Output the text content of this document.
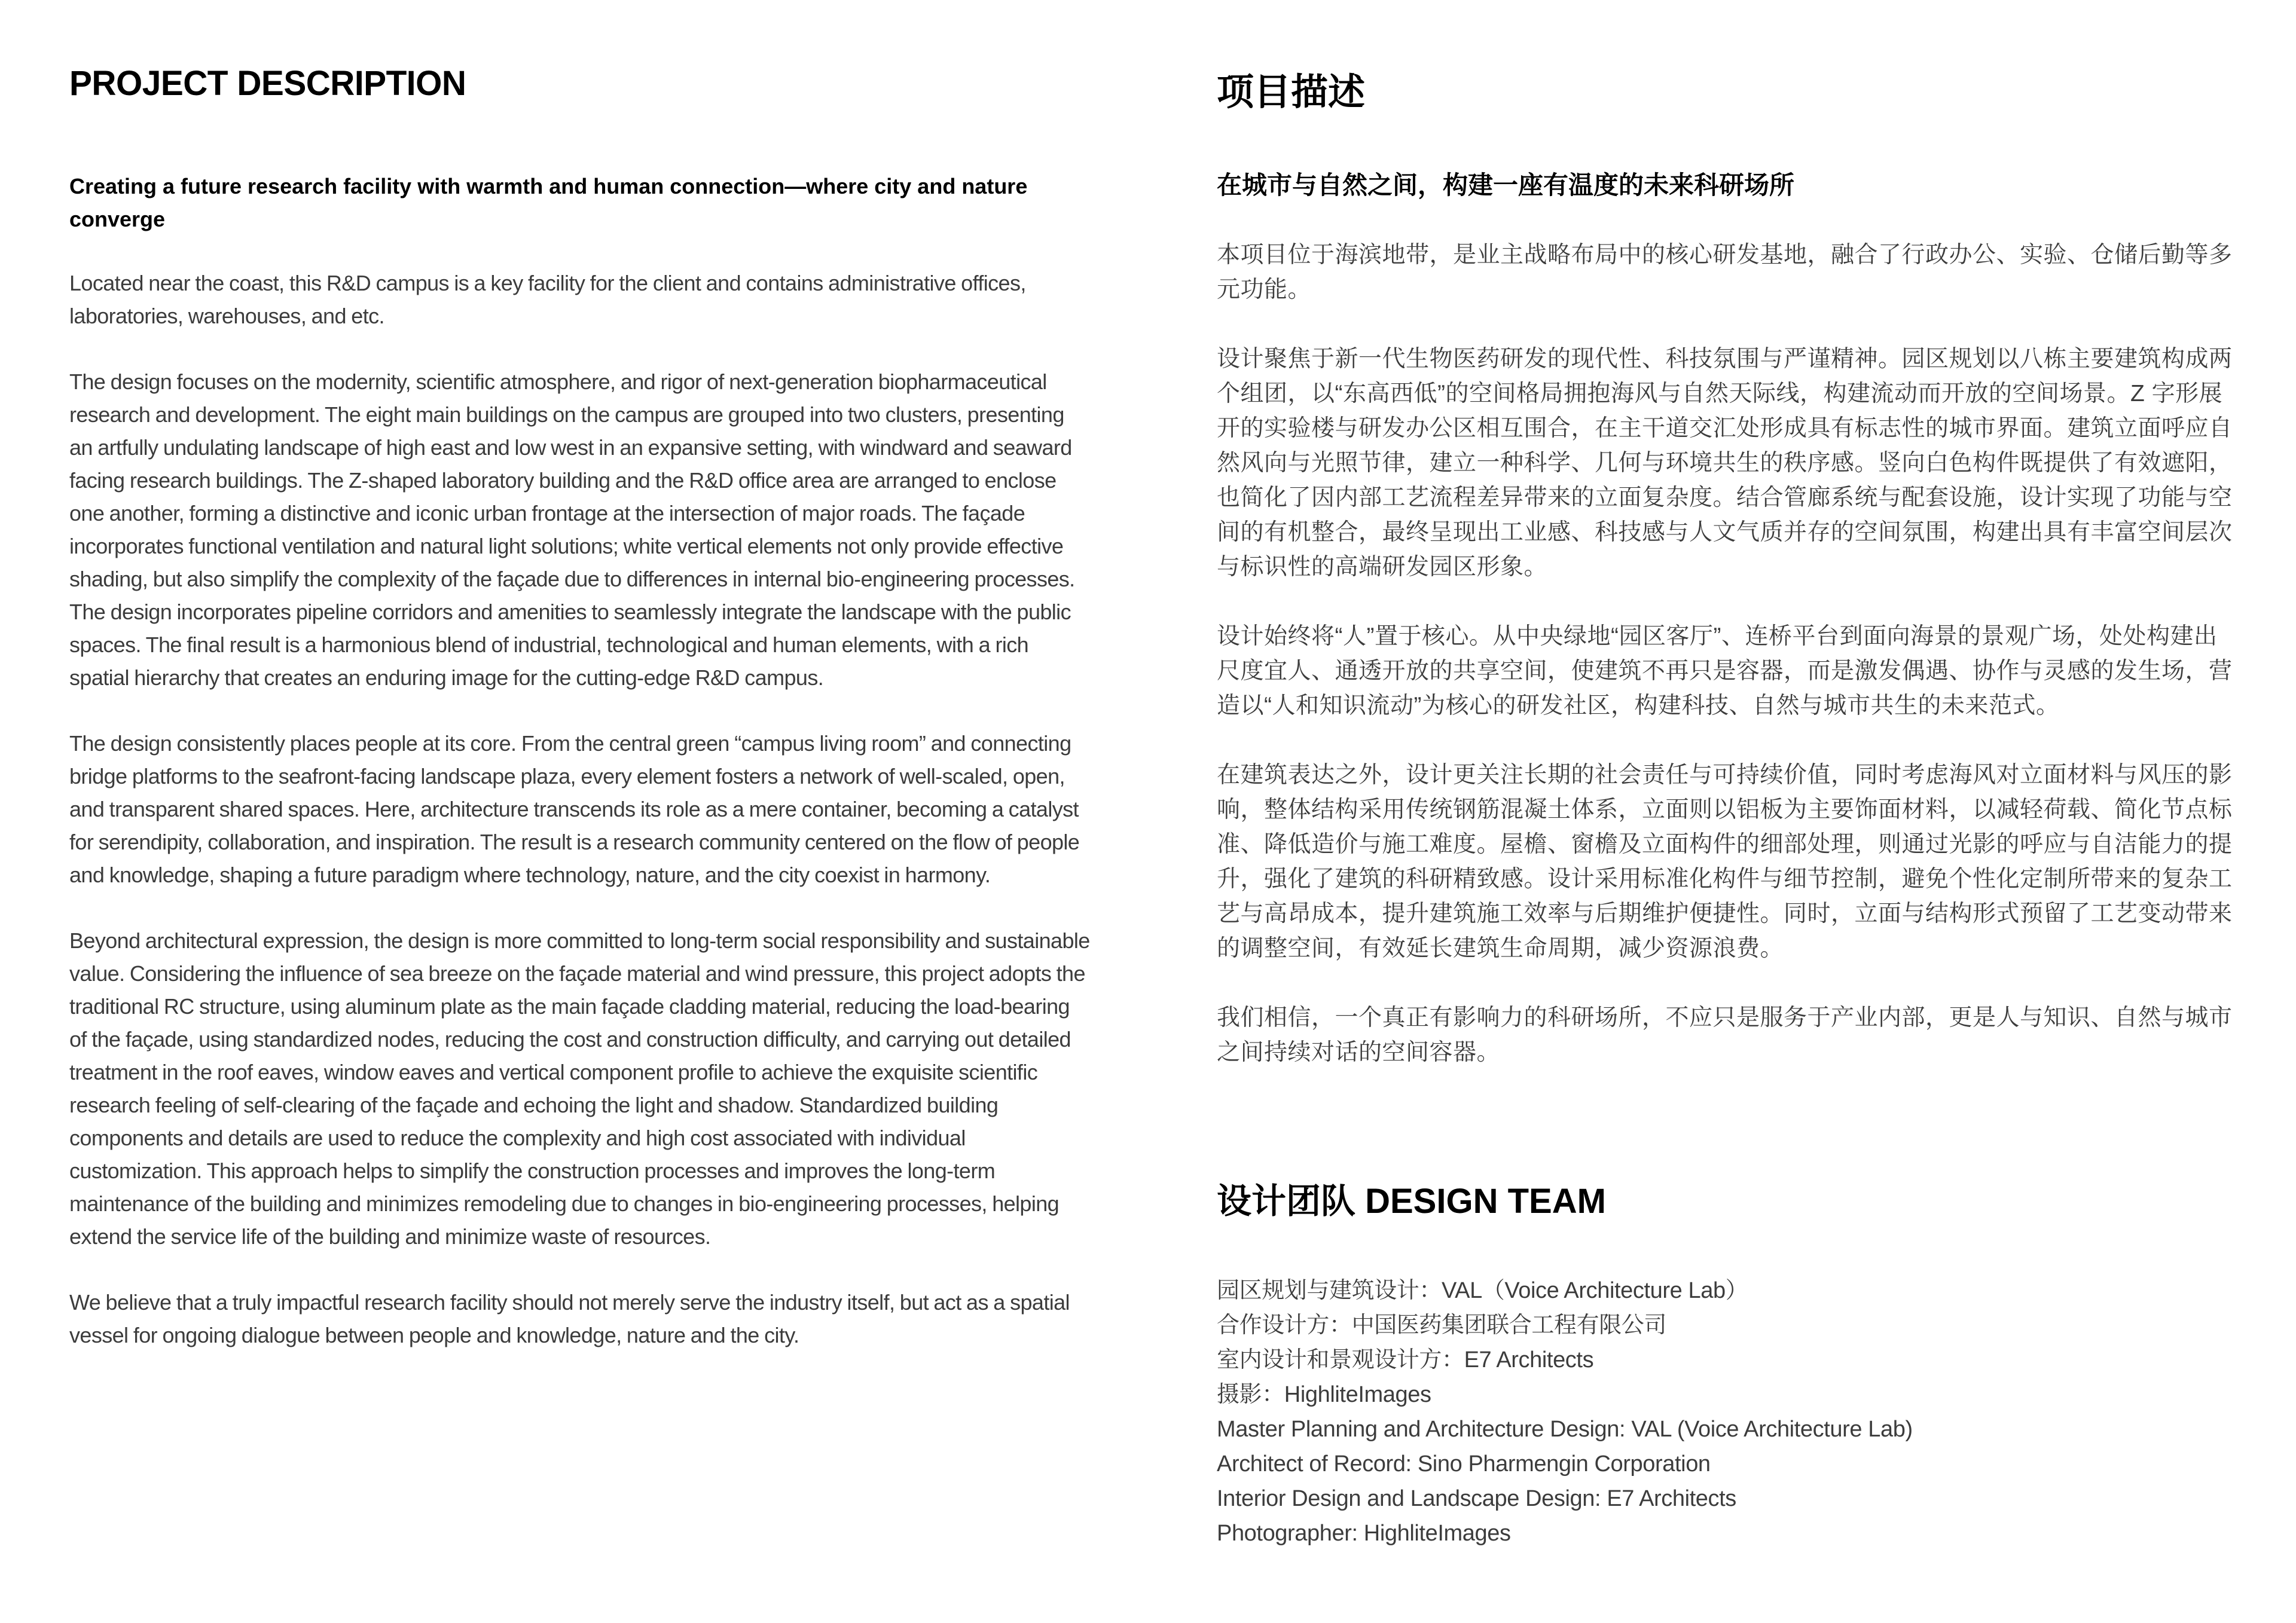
PROJECT DESCRIPTION
Creating a future research facility with warmth and human connection—where city and nature converge

Located near the coast, this R&D campus is a key facility for the client and contains administrative offices, laboratories, warehouses, and etc.

The design focuses on the modernity, scientific atmosphere, and rigor of next-generation biopharmaceutical research and development. The eight main buildings on the campus are grouped into two clusters, presenting an artfully undulating landscape of high east and low west in an expansive setting, with windward and seaward facing research buildings. The Z-shaped laboratory building and the R&D office area are arranged to enclose one another, forming a distinctive and iconic urban frontage at the intersection of major roads. The façade incorporates functional ventilation and natural light solutions; white vertical elements not only provide effective shading, but also simplify the complexity of the façade due to differences in internal bio-engineering processes. The design incorporates pipeline corridors and amenities to seamlessly integrate the landscape with the public spaces. The final result is a harmonious blend of industrial, technological and human elements, with a rich spatial hierarchy that creates an enduring image for the cutting-edge R&D campus.

The design consistently places people at its core. From the central green “campus living room” and connecting bridge platforms to the seafront-facing landscape plaza, every element fosters a network of well-scaled, open, and transparent shared spaces. Here, architecture transcends its role as a mere container, becoming a catalyst for serendipity, collaboration, and inspiration. The result is a research community centered on the flow of people and knowledge, shaping a future paradigm where technology, nature, and the city coexist in harmony.

Beyond architectural expression, the design is more committed to long-term social responsibility and sustainable value. Considering the influence of sea breeze on the façade material and wind pressure, this project adopts the traditional RC structure, using aluminum plate as the main façade cladding material, reducing the load-bearing of the façade, using standardized nodes, reducing the cost and construction difficulty, and carrying out detailed treatment in the roof eaves, window eaves and vertical component profile to achieve the exquisite scientific research feeling of self-clearing of the façade and echoing the light and shadow. Standardized building components and details are used to reduce the complexity and high cost associated with individual customization. This approach helps to simplify the construction processes and improves the long-term maintenance of the building and minimizes remodeling due to changes in bio-engineering processes, helping extend the service life of the building and minimize waste of resources.

We believe that a truly impactful research facility should not merely serve the industry itself, but act as a spatial vessel for ongoing dialogue between people and knowledge, nature and the city.

项目描述
在城市与自然之间，构建一座有温度的未来科研场所

本项目位于海滨地带，是业主战略布局中的核心研发基地，融合了行政办公、实验、仓储后勤等多元功能。

设计聚焦于新一代生物医药研发的现代性、科技氛围与严谨精神。园区规划以八栋主要建筑构成两个组团，以“东高西低”的空间格局拥抱海风与自然天际线，构建流动而开放的空间场景。Z 字形展开的实验楼与研发办公区相互围合，在主干道交汇处形成具有标志性的城市界面。建筑立面呼应自然风向与光照节律，建立一种科学、几何与环境共生的秩序感。竖向白色构件既提供了有效遮阳，也简化了因内部工艺流程差异带来的立面复杂度。结合管廊系统与配套设施，设计实现了功能与空间的有机整合，最终呈现出工业感、科技感与人文气质并存的空间氛围，构建出具有丰富空间层次与标识性的高端研发园区形象。

设计始终将“人”置于核心。从中央绿地“园区客厅”、连桥平台到面向海景的景观广场，处处构建出尺度宜人、通透开放的共享空间，使建筑不再只是容器，而是激发偶遇、协作与灵感的发生场，营造以“人和知识流动”为核心的研发社区，构建科技、自然与城市共生的未来范式。

在建筑表达之外，设计更关注长期的社会责任与可持续价值，同时考虑海风对立面材料与风压的影响，整体结构采用传统钢筋混凝土体系，立面则以铝板为主要饰面材料，以减轻荷载、简化节点标准、降低造价与施工难度。屋檐、窗檐及立面构件的细部处理，则通过光影的呼应与自洁能力的提升，强化了建筑的科研精致感。设计采用标准化构件与细节控制，避免个性化定制所带来的复杂工艺与高昂成本，提升建筑施工效率与后期维护便捷性。同时，立面与结构形式预留了工艺变动带来的调整空间，有效延长建筑生命周期，减少资源浪费。

我们相信，一个真正有影响力的科研场所，不应只是服务于产业内部，更是人与知识、自然与城市之间持续对话的空间容器。

设计团队 DESIGN TEAM
园区规划与建筑设计：VAL（Voice Architecture Lab）
合作设计方：中国医药集团联合工程有限公司
室内设计和景观设计方：E7 Architects
摄影：HighliteImages
Master Planning and Architecture Design: VAL (Voice Architecture Lab)
Architect of Record: Sino Pharmengin Corporation
Interior Design and Landscape Design: E7 Architects
Photographer: HighliteImages
